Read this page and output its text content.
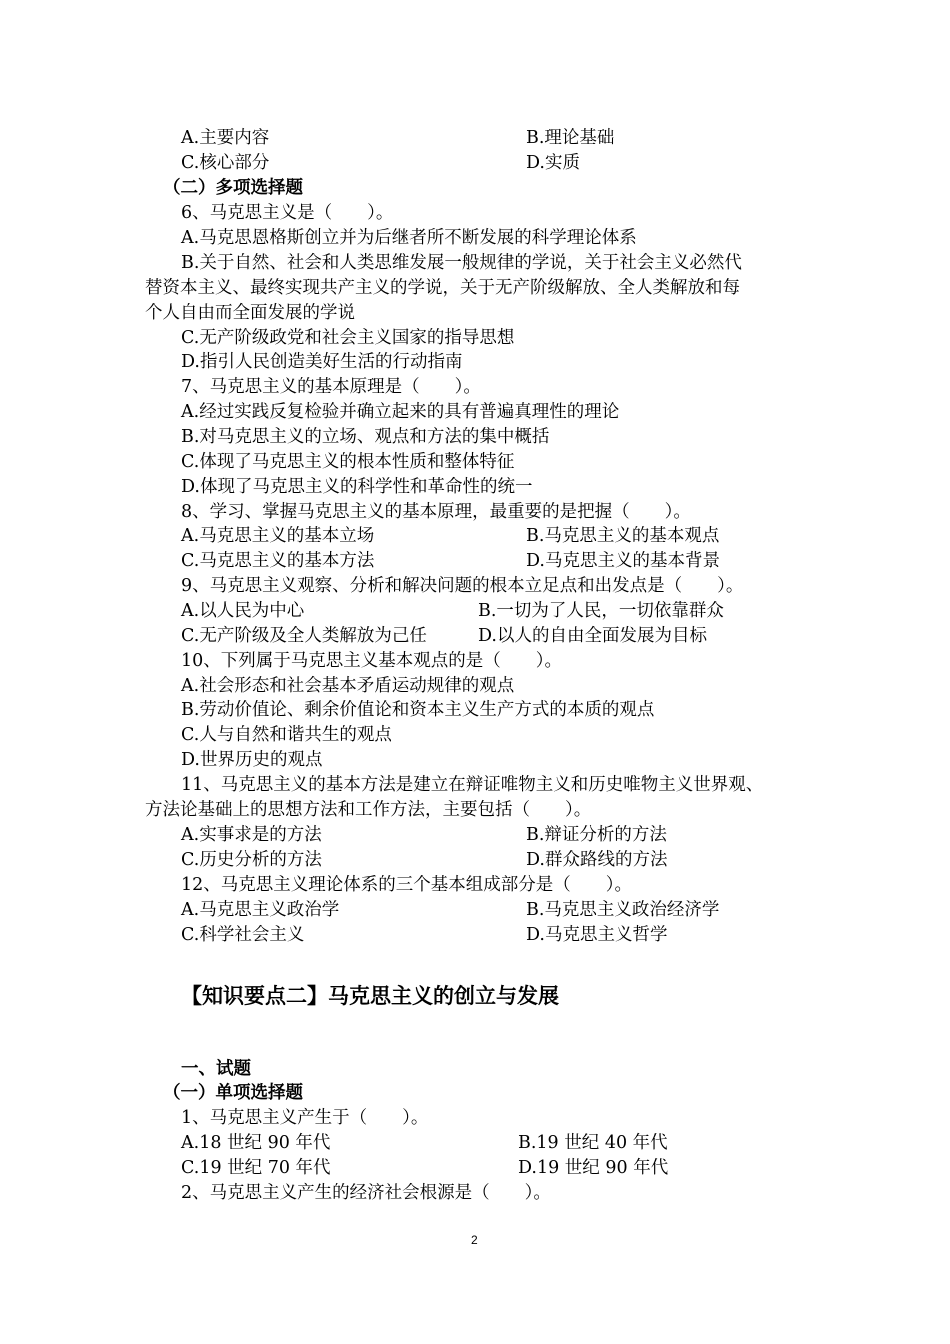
A.主要内容	B.理论基础
C.核心部分	D.实质
（二）多项选择题
6、马克思主义是（　　）。
A.马克思恩格斯创立并为后继者所不断发展的科学理论体系
B.关于自然、社会和人类思维发展一般规律的学说，关于社会主义必然代
替资本主义、最终实现共产主义的学说，关于无产阶级解放、全人类解放和每
个人自由而全面发展的学说
C.无产阶级政党和社会主义国家的指导思想
D.指引人民创造美好生活的行动指南
7、马克思主义的基本原理是（　　）。
A.经过实践反复检验并确立起来的具有普遍真理性的理论
B.对马克思主义的立场、观点和方法的集中概括
C.体现了马克思主义的根本性质和整体特征
D.体现了马克思主义的科学性和革命性的统一
8、学习、掌握马克思主义的基本原理，最重要的是把握（　　）。
A.马克思主义的基本立场	B.马克思主义的基本观点
C.马克思主义的基本方法	D.马克思主义的基本背景
9、马克思主义观察、分析和解决问题的根本立足点和出发点是（　　）。
A.以人民为中心	B.一切为了人民，一切依靠群众
C.无产阶级及全人类解放为己任	D.以人的自由全面发展为目标
10、下列属于马克思主义基本观点的是（　　）。
A.社会形态和社会基本矛盾运动规律的观点
B.劳动价值论、剩余价值论和资本主义生产方式的本质的观点
C.人与自然和谐共生的观点
D.世界历史的观点
11、马克思主义的基本方法是建立在辩证唯物主义和历史唯物主义世界观、
方法论基础上的思想方法和工作方法，主要包括（　　）。
A.实事求是的方法	B.辩证分析的方法
C.历史分析的方法	D.群众路线的方法
12、马克思主义理论体系的三个基本组成部分是（　　）。
A.马克思主义政治学	B.马克思主义政治经济学
C.科学社会主义	D.马克思主义哲学
【知识要点二】马克思主义的创立与发展
一、试题
（一）单项选择题
1、马克思主义产生于（　　）。
A.18 世纪 90 年代	B.19 世纪 40 年代
C.19 世纪 70 年代	D.19 世纪 90 年代
2、马克思主义产生的经济社会根源是（　　）。
2
